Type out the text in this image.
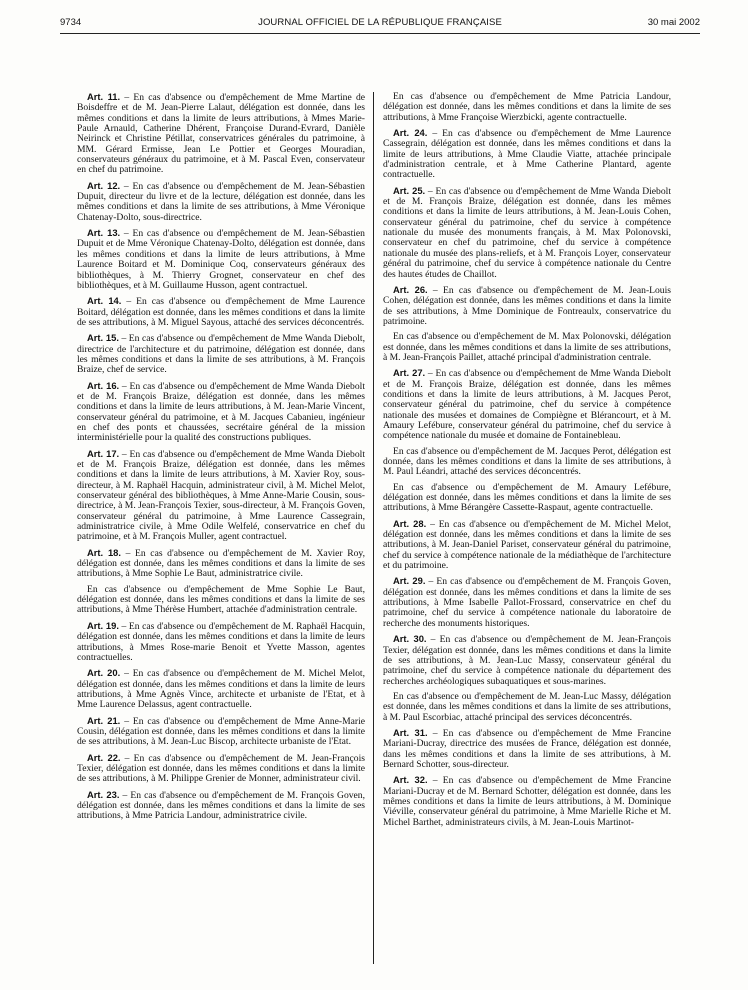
9734	JOURNAL OFFICIEL DE LA RÉPUBLIQUE FRANÇAISE	30 mai 2002

Art. 11. – En cas d'absence ou d'empêchement de Mme Martine de Boisdeffre et de M. Jean-Pierre Lalaut, délégation est donnée, dans les mêmes conditions et dans la limite de leurs attributions, à Mmes Marie-Paule Arnauld, Catherine Dhérent, Françoise Durand-Evrard, Danièle Neirinck et Christine Pétillat, conservatrices générales du patrimoine, à MM. Gérard Ermisse, Jean Le Pottier et Georges Mouradian, conservateurs généraux du patrimoine, et à M. Pascal Even, conservateur en chef du patrimoine.

Art. 12. – En cas d'absence ou d'empêchement de M. Jean-Sébastien Dupuit, directeur du livre et de la lecture, délégation est donnée, dans les mêmes conditions et dans la limite de ses attributions, à Mme Véronique Chatenay-Dolto, sous-directrice.

Art. 13. – En cas d'absence ou d'empêchement de M. Jean-Sébastien Dupuit et de Mme Véronique Chatenay-Dolto, délégation est donnée, dans les mêmes conditions et dans la limite de leurs attributions, à Mme Laurence Boitard et M. Dominique Coq, conservateurs généraux des bibliothèques, à M. Thierry Grognet, conservateur en chef des bibliothèques, et à M. Guillaume Husson, agent contractuel.

Art. 14. – En cas d'absence ou d'empêchement de Mme Laurence Boitard, délégation est donnée, dans les mêmes conditions et dans la limite de ses attributions, à M. Miguel Sayous, attaché des services déconcentrés.

Art. 15. – En cas d'absence ou d'empêchement de Mme Wanda Diebolt, directrice de l'architecture et du patrimoine, délégation est donnée, dans les mêmes conditions et dans la limite de ses attributions, à M. François Braize, chef de service.

Art. 16. – En cas d'absence ou d'empêchement de Mme Wanda Diebolt et de M. François Braize, délégation est donnée, dans les mêmes conditions et dans la limite de leurs attributions, à M. Jean-Marie Vincent, conservateur général du patrimoine, et à M. Jacques Cabanieu, ingénieur en chef des ponts et chaussées, secrétaire général de la mission interministérielle pour la qualité des constructions publiques.

Art. 17. – En cas d'absence ou d'empêchement de Mme Wanda Diebolt et de M. François Braize, délégation est donnée, dans les mêmes conditions et dans la limite de leurs attributions, à M. Xavier Roy, sous-directeur, à M. Raphaël Hacquin, administrateur civil, à M. Michel Melot, conservateur général des bibliothèques, à Mme Anne-Marie Cousin, sous-directrice, à M. Jean-François Texier, sous-directeur, à M. François Goven, conservateur général du patrimoine, à Mme Laurence Cassegrain, administratrice civile, à Mme Odile Welfelé, conservatrice en chef du patrimoine, et à M. François Muller, agent contractuel.

Art. 18. – En cas d'absence ou d'empêchement de M. Xavier Roy, délégation est donnée, dans les mêmes conditions et dans la limite de ses attributions, à Mme Sophie Le Baut, administratrice civile.

En cas d'absence ou d'empêchement de Mme Sophie Le Baut, délégation est donnée, dans les mêmes conditions et dans la limite de ses attributions, à Mme Thérèse Humbert, attachée d'administration centrale.

Art. 19. – En cas d'absence ou d'empêchement de M. Raphaël Hacquin, délégation est donnée, dans les mêmes conditions et dans la limite de leurs attributions, à Mmes Rose-marie Benoit et Yvette Masson, agentes contractuelles.

Art. 20. – En cas d'absence ou d'empêchement de M. Michel Melot, délégation est donnée, dans les mêmes conditions et dans la limite de leurs attributions, à Mme Agnès Vince, architecte et urbaniste de l'Etat, et à Mme Laurence Delassus, agent contractuelle.

Art. 21. – En cas d'absence ou d'empêchement de Mme Anne-Marie Cousin, délégation est donnée, dans les mêmes conditions et dans la limite de ses attributions, à M. Jean-Luc Biscop, architecte urbaniste de l'Etat.

Art. 22. – En cas d'absence ou d'empêchement de M. Jean-François Texier, délégation est donnée, dans les mêmes conditions et dans la limite de ses attributions, à M. Philippe Grenier de Monner, administrateur civil.

Art. 23. – En cas d'absence ou d'empêchement de M. François Goven, délégation est donnée, dans les mêmes conditions et dans la limite de ses attributions, à Mme Patricia Landour, administratrice civile.

En cas d'absence ou d'empêchement de Mme Patricia Landour, délégation est donnée, dans les mêmes conditions et dans la limite de ses attributions, à Mme Françoise Wierzbicki, agente contractuelle.

Art. 24. – En cas d'absence ou d'empêchement de Mme Laurence Cassegrain, délégation est donnée, dans les mêmes conditions et dans la limite de leurs attributions, à Mme Claudie Viatte, attachée principale d'administration centrale, et à Mme Catherine Plantard, agente contractuelle.

Art. 25. – En cas d'absence ou d'empêchement de Mme Wanda Diebolt et de M. François Braize, délégation est donnée, dans les mêmes conditions et dans la limite de leurs attributions, à M. Jean-Louis Cohen, conservateur général du patrimoine, chef du service à compétence nationale du musée des monuments français, à M. Max Polonovski, conservateur en chef du patrimoine, chef du service à compétence nationale du musée des plans-reliefs, et à M. François Loyer, conservateur général du patrimoine, chef du service à compétence nationale du Centre des hautes études de Chaillot.

Art. 26. – En cas d'absence ou d'empêchement de M. Jean-Louis Cohen, délégation est donnée, dans les mêmes conditions et dans la limite de ses attributions, à Mme Dominique de Fontreaulx, conservatrice du patrimoine.

En cas d'absence ou d'empêchement de M. Max Polonovski, délégation est donnée, dans les mêmes conditions et dans la limite de ses attributions, à M. Jean-François Paillet, attaché principal d'administration centrale.

Art. 27. – En cas d'absence ou d'empêchement de Mme Wanda Diebolt et de M. François Braize, délégation est donnée, dans les mêmes conditions et dans la limite de leurs attributions, à M. Jacques Perot, conservateur général du patrimoine, chef du service à compétence nationale des musées et domaines de Compiègne et Blérancourt, et à M. Amaury Lefébure, conservateur général du patrimoine, chef du service à compétence nationale du musée et domaine de Fontainebleau.

En cas d'absence ou d'empêchement de M. Jacques Perot, délégation est donnée, dans les mêmes conditions et dans la limite de ses attributions, à M. Paul Léandri, attaché des services déconcentrés.

En cas d'absence ou d'empêchement de M. Amaury Lefébure, délégation est donnée, dans les mêmes conditions et dans la limite de ses attributions, à Mme Bérangère Cassette-Raspaut, agente contractuelle.

Art. 28. – En cas d'absence ou d'empêchement de M. Michel Melot, délégation est donnée, dans les mêmes conditions et dans la limite de ses attributions, à M. Jean-Daniel Pariset, conservateur général du patrimoine, chef du service à compétence nationale de la médiathèque de l'architecture et du patrimoine.

Art. 29. – En cas d'absence ou d'empêchement de M. François Goven, délégation est donnée, dans les mêmes conditions et dans la limite de ses attributions, à Mme Isabelle Pallot-Frossard, conservatrice en chef du patrimoine, chef du service à compétence nationale du laboratoire de recherche des monuments historiques.

Art. 30. – En cas d'absence ou d'empêchement de M. Jean-François Texier, délégation est donnée, dans les mêmes conditions et dans la limite de ses attributions, à M. Jean-Luc Massy, conservateur général du patrimoine, chef du service à compétence nationale du département des recherches archéologiques subaquatiques et sous-marines.

En cas d'absence ou d'empêchement de M. Jean-Luc Massy, délégation est donnée, dans les mêmes conditions et dans la limite de ses attributions, à M. Paul Escorbiac, attaché principal des services déconcentrés.

Art. 31. – En cas d'absence ou d'empêchement de Mme Francine Mariani-Ducray, directrice des musées de France, délégation est donnée, dans les mêmes conditions et dans la limite de ses attributions, à M. Bernard Schotter, sous-directeur.

Art. 32. – En cas d'absence ou d'empêchement de Mme Francine Mariani-Ducray et de M. Bernard Schotter, délégation est donnée, dans les mêmes conditions et dans la limite de leurs attributions, à M. Dominique Viéville, conservateur général du patrimoine, à Mme Marielle Riche et M. Michel Barthet, administrateurs civils, à M. Jean-Louis Martinot-
